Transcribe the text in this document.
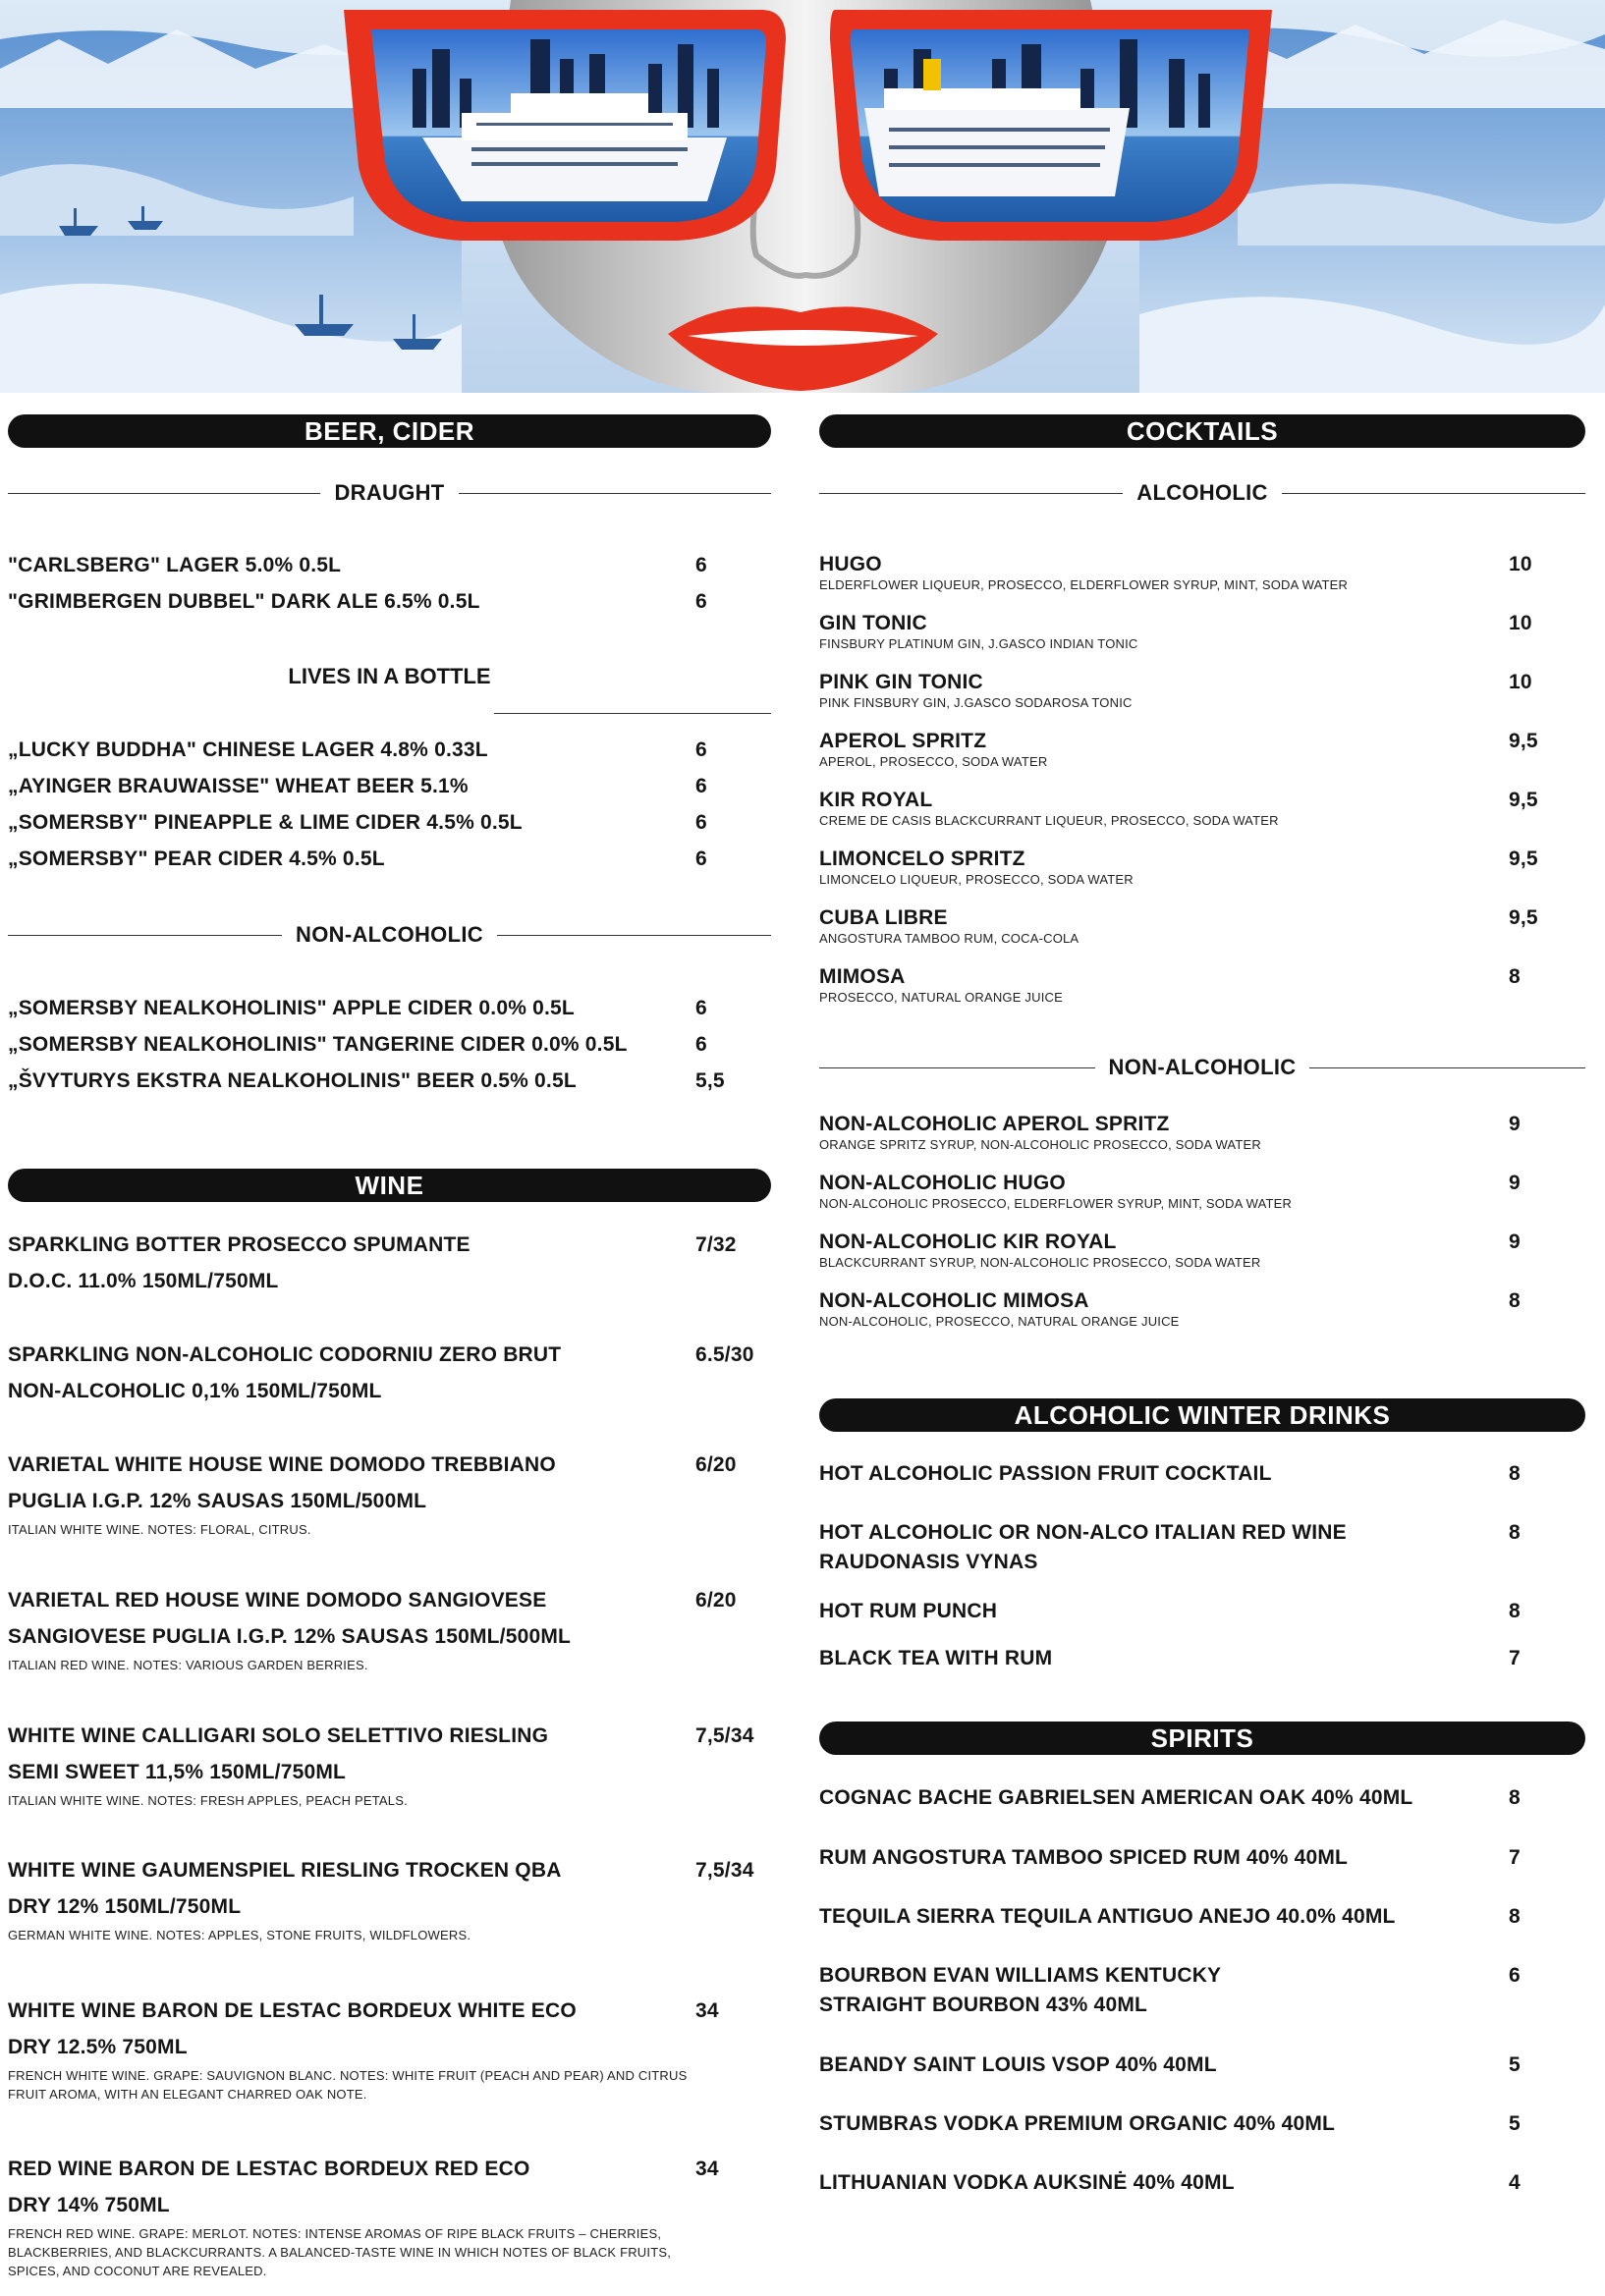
BEER, CIDER
DRAUGHT
"CARLSBERG" LAGER 5.0% 0.5L	6
"GRIMBERGEN DUBBEL" DARK ALE 6.5% 0.5L	6
LIVES IN A BOTTLE
„LUCKY BUDDHA" CHINESE LAGER 4.8% 0.33L	6
„AYINGER BRAUWAISSE" WHEAT BEER 5.1%	6
„SOMERSBY" PINEAPPLE & LIME CIDER 4.5% 0.5L	6
„SOMERSBY" PEAR CIDER 4.5% 0.5L	6
NON-ALCOHOLIC
„SOMERSBY NEALKOHOLINIS" APPLE CIDER 0.0% 0.5L	6
„SOMERSBY NEALKOHOLINIS" TANGERINE CIDER 0.0% 0.5L	6
„ŠVYTURYS EKSTRA NEALKOHOLINIS" BEER 0.5% 0.5L	5,5
WINE
SPARKLING BOTTER PROSECCO SPUMANTE	7/32
D.O.C. 11.0% 150ML/750ML
SPARKLING NON-ALCOHOLIC CODORNIU ZERO BRUT	6.5/30
NON-ALCOHOLIC 0,1% 150ML/750ML
VARIETAL WHITE HOUSE WINE DOMODO TREBBIANO	6/20
PUGLIA I.G.P. 12% SAUSAS 150ML/500ML
ITALIAN WHITE WINE. NOTES: FLORAL, CITRUS.
VARIETAL RED HOUSE WINE DOMODO SANGIOVESE	6/20
SANGIOVESE PUGLIA I.G.P. 12% SAUSAS 150ML/500ML
ITALIAN RED WINE. NOTES: VARIOUS GARDEN BERRIES.
WHITE WINE CALLIGARI SOLO SELETTIVO RIESLING	7,5/34
SEMI SWEET 11,5% 150ML/750ML
ITALIAN WHITE WINE. NOTES: FRESH APPLES, PEACH PETALS.
WHITE WINE GAUMENSPIEL RIESLING TROCKEN QBA	7,5/34
DRY 12% 150ML/750ML
GERMAN WHITE WINE. NOTES: APPLES, STONE FRUITS, WILDFLOWERS.
WHITE WINE BARON DE LESTAC BORDEUX WHITE ECO	34
DRY 12.5% 750ML
FRENCH WHITE WINE. GRAPE: SAUVIGNON BLANC. NOTES: WHITE FRUIT (PEACH AND PEAR) AND CITRUS FRUIT AROMA, WITH AN ELEGANT CHARRED OAK NOTE.
RED WINE BARON DE LESTAC BORDEUX RED ECO	34
DRY 14% 750ML
FRENCH RED WINE. GRAPE: MERLOT. NOTES: INTENSE AROMAS OF RIPE BLACK FRUITS – CHERRIES, BLACKBERRIES, AND BLACKCURRANTS. A BALANCED-TASTE WINE IN WHICH NOTES OF BLACK FRUITS, SPICES, AND COCONUT ARE REVEALED.
COCKTAILS
ALCOHOLIC
HUGO	10
ELDERFLOWER LIQUEUR, PROSECCO, ELDERFLOWER SYRUP, MINT, SODA WATER
GIN TONIC	10
FINSBURY PLATINUM GIN, J.GASCO INDIAN TONIC
PINK GIN TONIC	10
PINK FINSBURY GIN, J.GASCO SODAROSA TONIC
APEROL SPRITZ	9,5
APEROL, PROSECCO, SODA WATER
KIR ROYAL	9,5
CREME DE CASIS BLACKCURRANT LIQUEUR, PROSECCO, SODA WATER
LIMONCELO SPRITZ	9,5
LIMONCELO LIQUEUR, PROSECCO, SODA WATER
CUBA LIBRE	9,5
ANGOSTURA TAMBOO RUM, COCA-COLA
MIMOSA	8
PROSECCO, NATURAL ORANGE JUICE
NON-ALCOHOLIC
NON-ALCOHOLIC APEROL SPRITZ	9
ORANGE SPRITZ SYRUP, NON-ALCOHOLIC PROSECCO, SODA WATER
NON-ALCOHOLIC HUGO	9
NON-ALCOHOLIC PROSECCO, ELDERFLOWER SYRUP, MINT, SODA WATER
NON-ALCOHOLIC KIR ROYAL	9
BLACKCURRANT SYRUP, NON-ALCOHOLIC PROSECCO, SODA WATER
NON-ALCOHOLIC MIMOSA	8
NON-ALCOHOLIC, PROSECCO, NATURAL ORANGE JUICE
ALCOHOLIC WINTER DRINKS
HOT ALCOHOLIC PASSION FRUIT COCKTAIL	8
HOT ALCOHOLIC OR NON-ALCO ITALIAN RED WINE	8
RAUDONASIS VYNAS
HOT RUM PUNCH	8
BLACK TEA WITH RUM	7
SPIRITS
COGNAC BACHE GABRIELSEN AMERICAN OAK 40% 40ML	8
RUM ANGOSTURA TAMBOO SPICED RUM 40% 40ML	7
TEQUILA SIERRA TEQUILA ANTIGUO ANEJO 40.0% 40ML	8
BOURBON EVAN WILLIAMS KENTUCKY	6
STRAIGHT BOURBON 43% 40ML
BEANDY SAINT LOUIS VSOP 40% 40ML	5
STUMBRAS VODKA PREMIUM ORGANIC 40% 40ML	5
LITHUANIAN VODKA AUKSINĖ 40% 40ML	4
